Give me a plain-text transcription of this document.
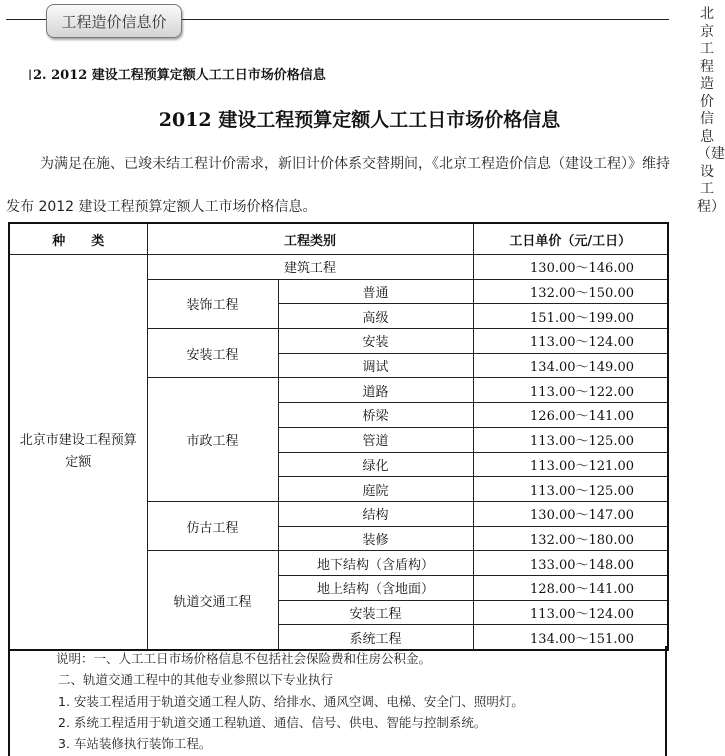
工程造价信息价	北京工程造价信息（建设工程）
I 2. 2012 建设工程预算定额人工工日市场价格信息
2012 建设工程预算定额人工工日市场价格信息
为满足在施、已竣未结工程计价需求，新旧计价体系交替期间，《北京工程造价信息（建设工程）》维持发布 2012 建设工程预算定额人工市场价格信息。
种　　类	工程类别		工日单价（元/工日）
北京市建设工程预算定额	建筑工程		130.00～146.00
	装饰工程	普通	132.00～150.00
		高级	151.00～199.00
	安装工程	安装	113.00～124.00
		调试	134.00～149.00
	市政工程	道路	113.00～122.00
		桥梁	126.00～141.00
		管道	113.00～125.00
		绿化	113.00～121.00
		庭院	113.00～125.00
	仿古工程	结构	130.00～147.00
		装修	132.00～180.00
	轨道交通工程	地下结构（含盾构）	133.00～148.00
		地上结构（含地面）	128.00～141.00
		安装工程	113.00～124.00
		系统工程	134.00～151.00
说明：一、人工工日市场价格信息不包括社会保险费和住房公积金。
二、轨道交通工程中的其他专业参照以下专业执行
1. 安装工程适用于轨道交通工程人防、给排水、通风空调、电梯、安全门、照明灯。
2. 系统工程适用于轨道交通工程轨道、通信、信号、供电、智能与控制系统。
3. 车站装修执行装饰工程。
